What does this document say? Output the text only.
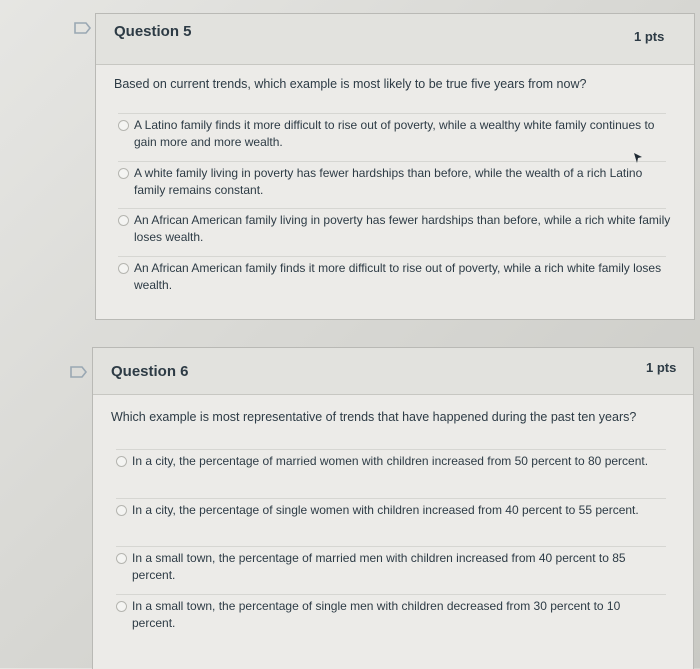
Question 5	1 pts
Based on current trends, which example is most likely to be true five years from now?
A Latino family finds it more difficult to rise out of poverty, while a wealthy white family continues to gain more and more wealth.
A white family living in poverty has fewer hardships than before, while the wealth of a rich Latino family remains constant.
An African American family living in poverty has fewer hardships than before, while a rich white family loses wealth.
An African American family finds it more difficult to rise out of poverty, while a rich white family loses wealth.
Question 6	1 pts
Which example is most representative of trends that have happened during the past ten years?
In a city, the percentage of married women with children increased from 50 percent to 80 percent.
In a city, the percentage of single women with children increased from 40 percent to 55 percent.
In a small town, the percentage of married men with children increased from 40 percent to 85 percent.
In a small town, the percentage of single men with children decreased from 30 percent to 10 percent.
